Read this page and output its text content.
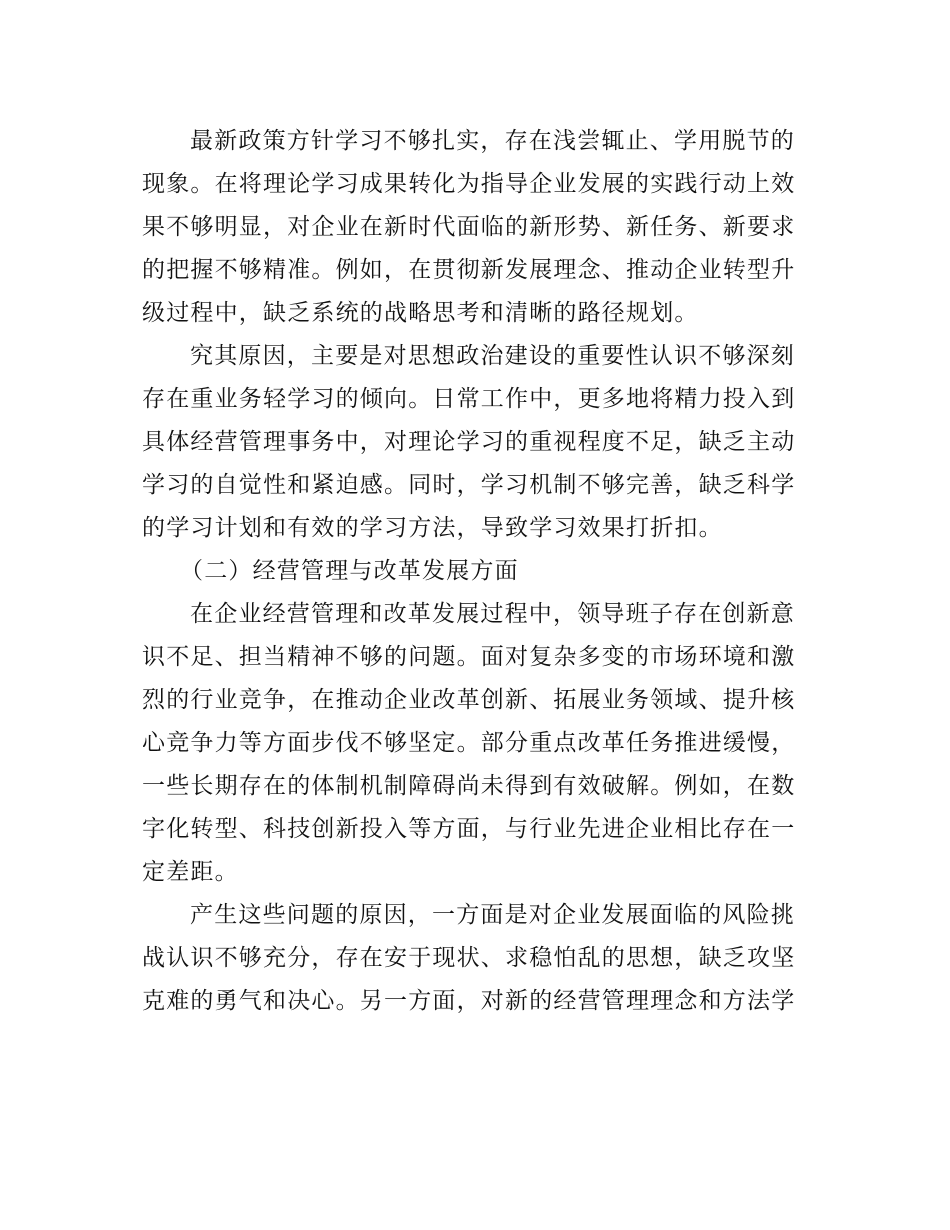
最新政策方针学习不够扎实，存在浅尝辄止、学用脱节的
现象。在将理论学习成果转化为指导企业发展的实践行动上效
果不够明显，对企业在新时代面临的新形势、新任务、新要求
的把握不够精准。例如，在贯彻新发展理念、推动企业转型升
级过程中，缺乏系统的战略思考和清晰的路径规划。
究其原因，主要是对思想政治建设的重要性认识不够深刻
存在重业务轻学习的倾向。日常工作中，更多地将精力投入到
具体经营管理事务中，对理论学习的重视程度不足，缺乏主动
学习的自觉性和紧迫感。同时，学习机制不够完善，缺乏科学
的学习计划和有效的学习方法，导致学习效果打折扣。
（二）经营管理与改革发展方面
在企业经营管理和改革发展过程中，领导班子存在创新意
识不足、担当精神不够的问题。面对复杂多变的市场环境和激
烈的行业竞争，在推动企业改革创新、拓展业务领域、提升核
心竞争力等方面步伐不够坚定。部分重点改革任务推进缓慢，
一些长期存在的体制机制障碍尚未得到有效破解。例如，在数
字化转型、科技创新投入等方面，与行业先进企业相比存在一
定差距。
产生这些问题的原因，一方面是对企业发展面临的风险挑
战认识不够充分，存在安于现状、求稳怕乱的思想，缺乏攻坚
克难的勇气和决心。另一方面，对新的经营管理理念和方法学
